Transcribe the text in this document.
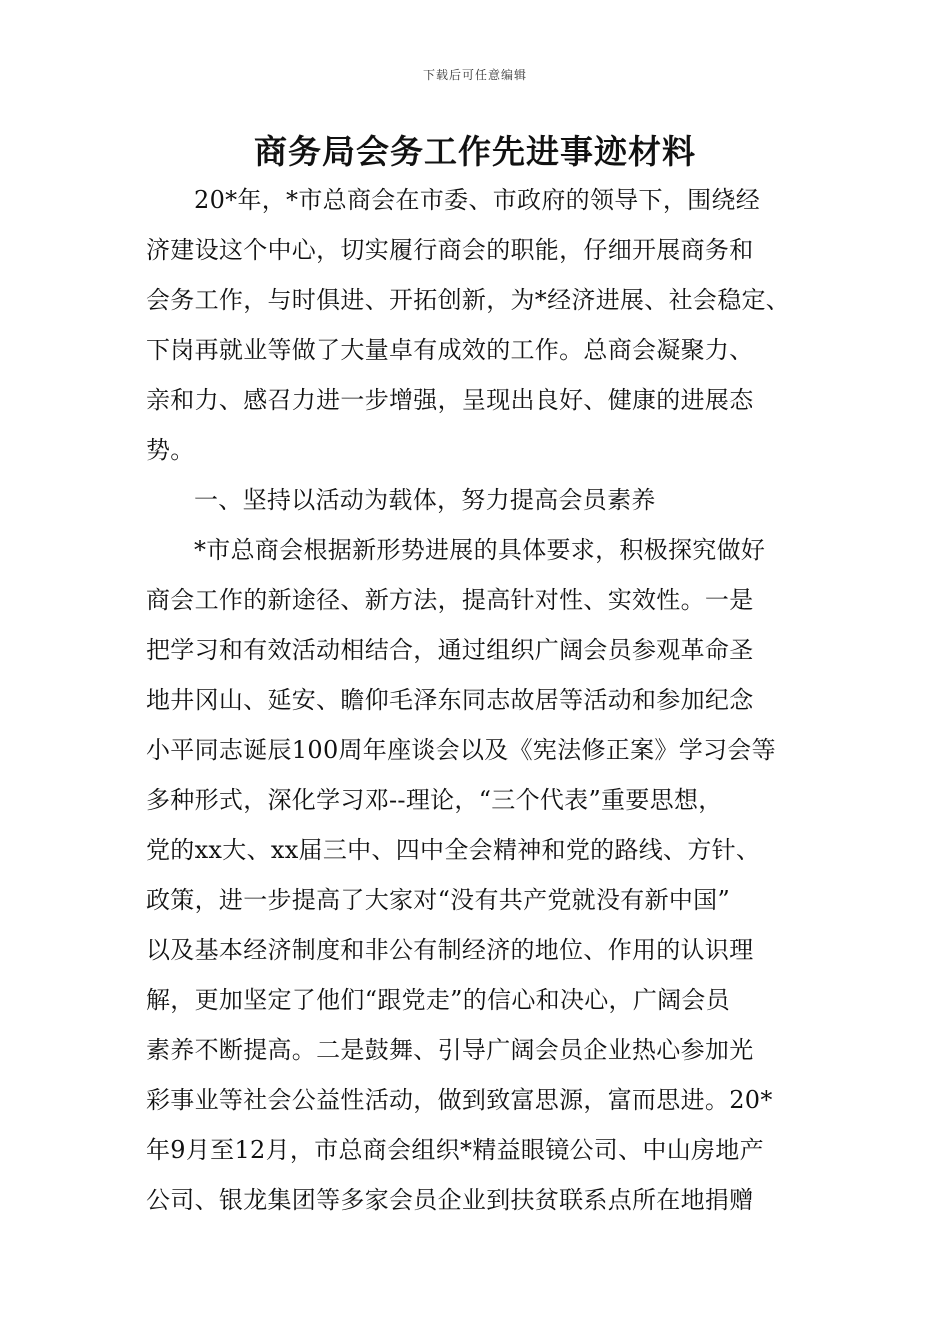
下载后可任意编辑
商务局会务工作先进事迹材料
20*年，*市总商会在市委、市政府的领导下，围绕经
济建设这个中心，切实履行商会的职能，仔细开展商务和
会务工作，与时俱进、开拓创新，为*经济进展、社会稳定、
下岗再就业等做了大量卓有成效的工作。总商会凝聚力、
亲和力、感召力进一步增强，呈现出良好、健康的进展态
势。
一、坚持以活动为载体，努力提高会员素养
*市总商会根据新形势进展的具体要求，积极探究做好
商会工作的新途径、新方法，提高针对性、实效性。一是
把学习和有效活动相结合，通过组织广阔会员参观革命圣
地井冈山、延安、瞻仰毛泽东同志故居等活动和参加纪念
小平同志诞辰100周年座谈会以及《宪法修正案》学习会等
多种形式，深化学习邓--理论，“三个代表”重要思想，
党的xx大、xx届三中、四中全会精神和党的路线、方针、
政策，进一步提高了大家对“没有共产党就没有新中国”
以及基本经济制度和非公有制经济的地位、作用的认识理
解，更加坚定了他们“跟党走”的信心和决心，广阔会员
素养不断提高。二是鼓舞、引导广阔会员企业热心参加光
彩事业等社会公益性活动，做到致富思源，富而思进。20*
年9月至12月，市总商会组织*精益眼镜公司、中山房地产
公司、银龙集团等多家会员企业到扶贫联系点所在地捐赠
